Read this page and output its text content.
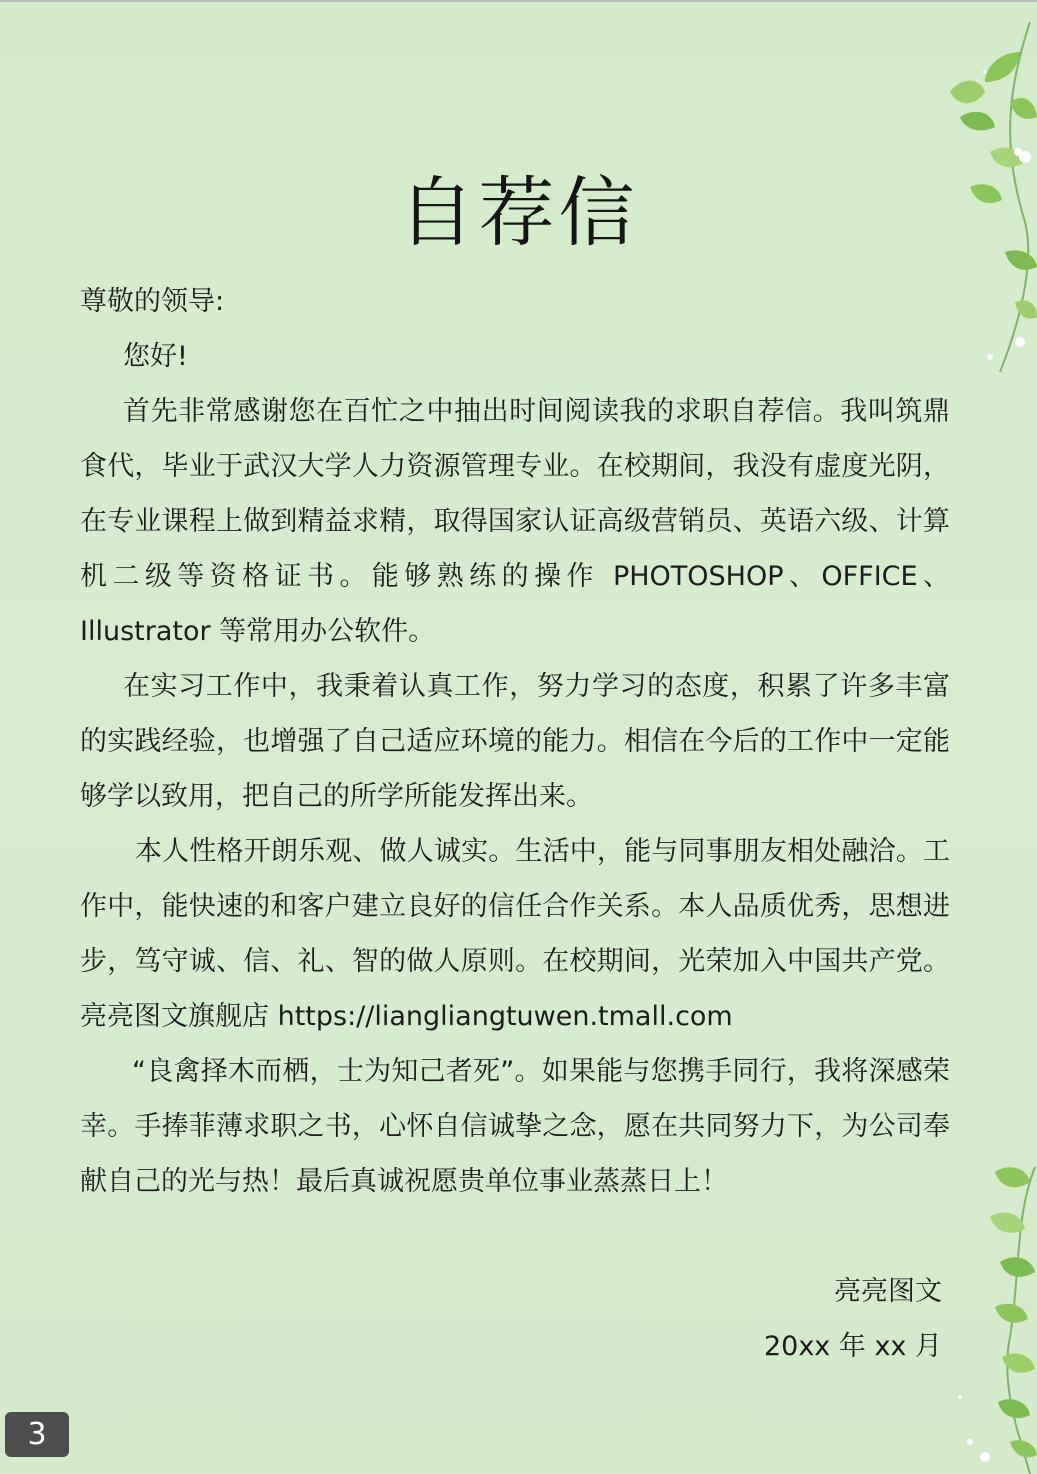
自荐信

尊敬的领导:

您好!

首先非常感谢您在百忙之中抽出时间阅读我的求职自荐信。我叫筑鼎食代，毕业于武汉大学人力资源管理专业。在校期间，我没有虚度光阴，在专业课程上做到精益求精，取得国家认证高级营销员、英语六级、计算机二级等资格证书。能够熟练的操作 PHOTOSHOP、OFFICE、Illustrator 等常用办公软件。

在实习工作中，我秉着认真工作，努力学习的态度，积累了许多丰富的实践经验，也增强了自己适应环境的能力。相信在今后的工作中一定能够学以致用，把自己的所学所能发挥出来。

本人性格开朗乐观、做人诚实。生活中，能与同事朋友相处融洽。工作中，能快速的和客户建立良好的信任合作关系。本人品质优秀，思想进步，笃守诚、信、礼、智的做人原则。在校期间，光荣加入中国共产党。亮亮图文旗舰店 https://liangliangtuwen.tmall.com

“良禽择木而栖，士为知己者死”。如果能与您携手同行，我将深感荣幸。手捧菲薄求职之书，心怀自信诚挚之念，愿在共同努力下，为公司奉献自己的光与热！最后真诚祝愿贵单位事业蒸蒸日上！

亮亮图文
20xx 年 xx 月
3
